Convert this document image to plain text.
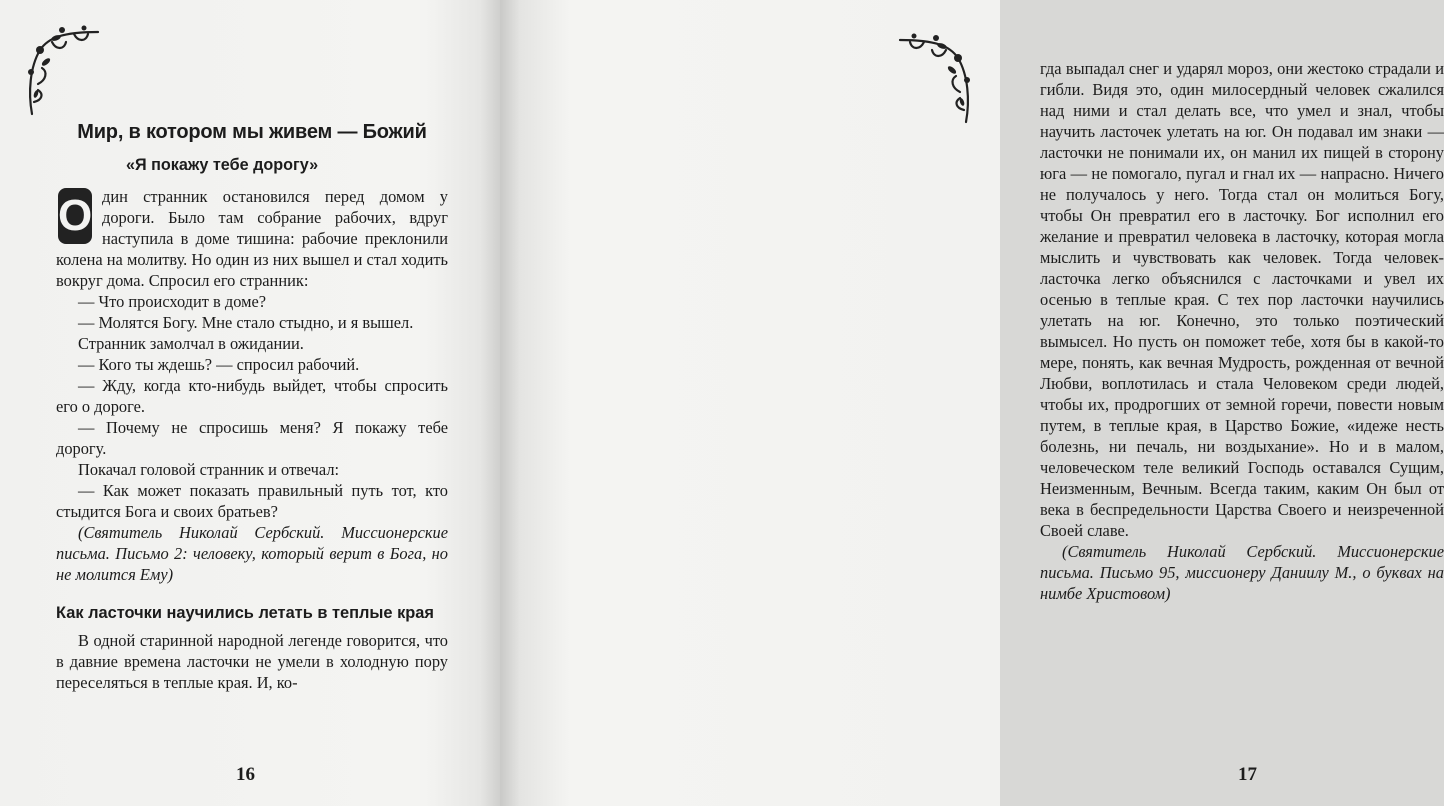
Мир, в котором мы живем — Божий
«Я покажу тебе дорогу»
О дин странник остановился перед домом у дороги. Было там собрание рабочих, вдруг наступила в доме тишина: рабочие преклонили колена на молитву. Но один из них вышел и стал ходить вокруг дома. Спросил его странник:

— Что происходит в доме?

— Молятся Богу. Мне стало стыдно, и я вышел.

Странник замолчал в ожидании.

— Кого ты ждешь? — спросил рабочий.

— Жду, когда кто-нибудь выйдет, чтобы спросить его о дороге.

— Почему не спросишь меня? Я покажу тебе дорогу.

Покачал головой странник и отвечал:

— Как может показать правильный путь тот, кто стыдится Бога и своих братьев?

(Святитель Николай Сербский. Миссионерские письма. Письмо 2: человеку, который верит в Бога, но не молится Ему)

Как ласточки научились летать в теплые края

В одной старинной народной легенде говорится, что в давние времена ласточки не умели в холодную пору переселяться в теплые края. И, ко-

16

гда выпадал снег и ударял мороз, они жестоко страдали и гибли. Видя это, один милосердный человек сжалился над ними и стал делать все, что умел и знал, чтобы научить ласточек улетать на юг. Он подавал им знаки — ласточки не понимали их, он манил их пищей в сторону юга — не помогало, пугал и гнал их — напрасно. Ничего не получалось у него. Тогда стал он молиться Богу, чтобы Он превратил его в ласточку. Бог исполнил его желание и превратил человека в ласточку, которая могла мыслить и чувствовать как человек. Тогда человек-ласточка легко объяснился с ласточками и увел их осенью в теплые края. С тех пор ласточки научились улетать на юг. Конечно, это только поэтический вымысел. Но пусть он поможет тебе, хотя бы в какой-то мере, понять, как вечная Мудрость, рожденная от вечной Любви, воплотилась и стала Человеком среди людей, чтобы их, продрогших от земной горечи, повести новым путем, в теплые края, в Царство Божие, «идеже несть болезнь, ни печаль, ни воздыхание». Но и в малом, человеческом теле великий Господь оставался Сущим, Неизменным, Вечным. Всегда таким, каким Он был от века в беспредельности Царства Своего и неизреченной Своей славе.

(Святитель Николай Сербский. Миссионерские письма. Письмо 95, миссионеру Даниилу М., о буквах на нимбе Христовом)

17
